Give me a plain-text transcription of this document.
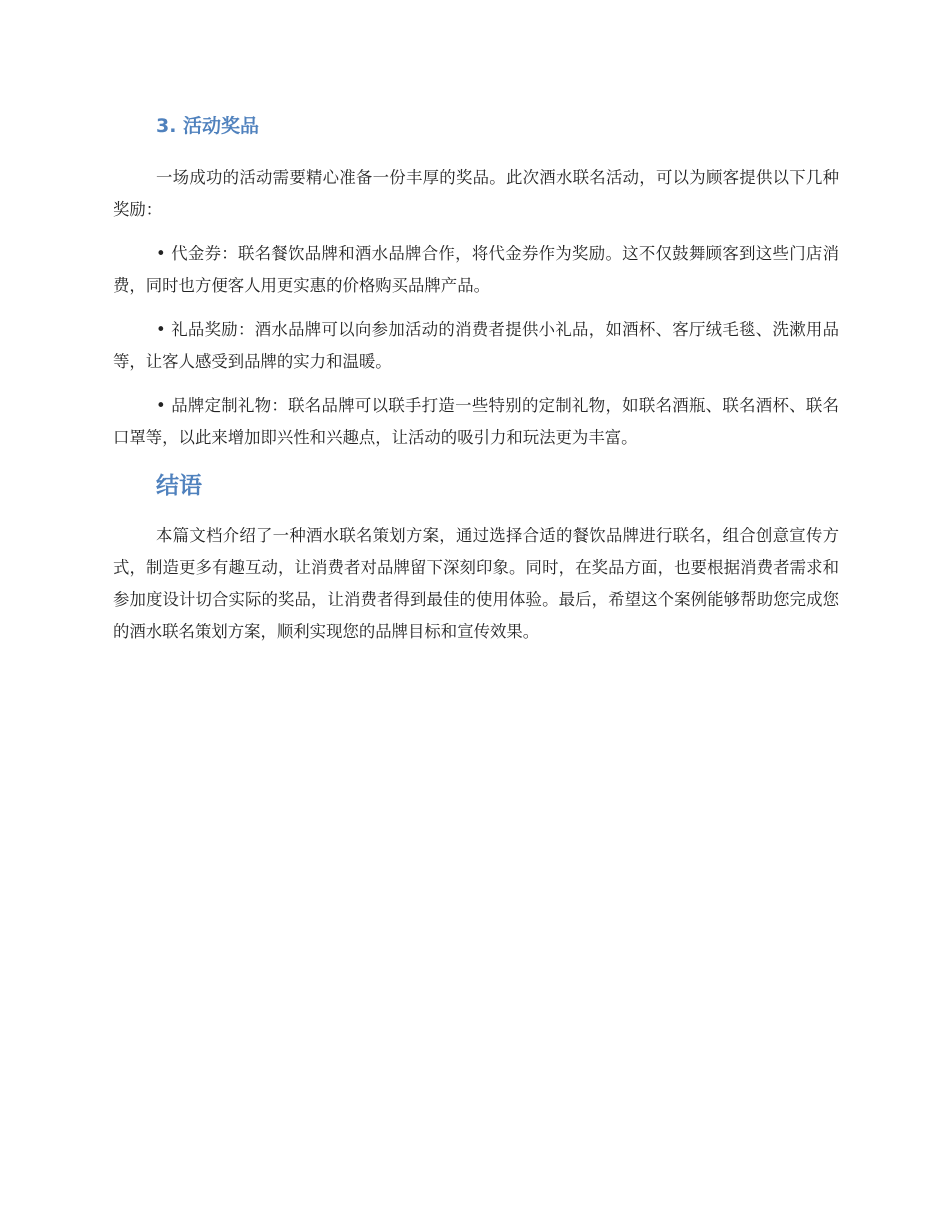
3. 活动奖品

一场成功的活动需要精心准备一份丰厚的奖品。此次酒水联名活动，可以为顾客提供以下几种奖励：

• 代金券：联名餐饮品牌和酒水品牌合作，将代金券作为奖励。这不仅鼓舞顾客到这些门店消费，同时也方便客人用更实惠的价格购买品牌产品。

• 礼品奖励：酒水品牌可以向参加活动的消费者提供小礼品，如酒杯、客厅绒毛毯、洗漱用品等，让客人感受到品牌的实力和温暖。

• 品牌定制礼物：联名品牌可以联手打造一些特别的定制礼物，如联名酒瓶、联名酒杯、联名口罩等，以此来增加即兴性和兴趣点，让活动的吸引力和玩法更为丰富。

结语

本篇文档介绍了一种酒水联名策划方案，通过选择合适的餐饮品牌进行联名，组合创意宣传方式，制造更多有趣互动，让消费者对品牌留下深刻印象。同时，在奖品方面，也要根据消费者需求和参加度设计切合实际的奖品，让消费者得到最佳的使用体验。最后，希望这个案例能够帮助您完成您的酒水联名策划方案，顺利实现您的品牌目标和宣传效果。
